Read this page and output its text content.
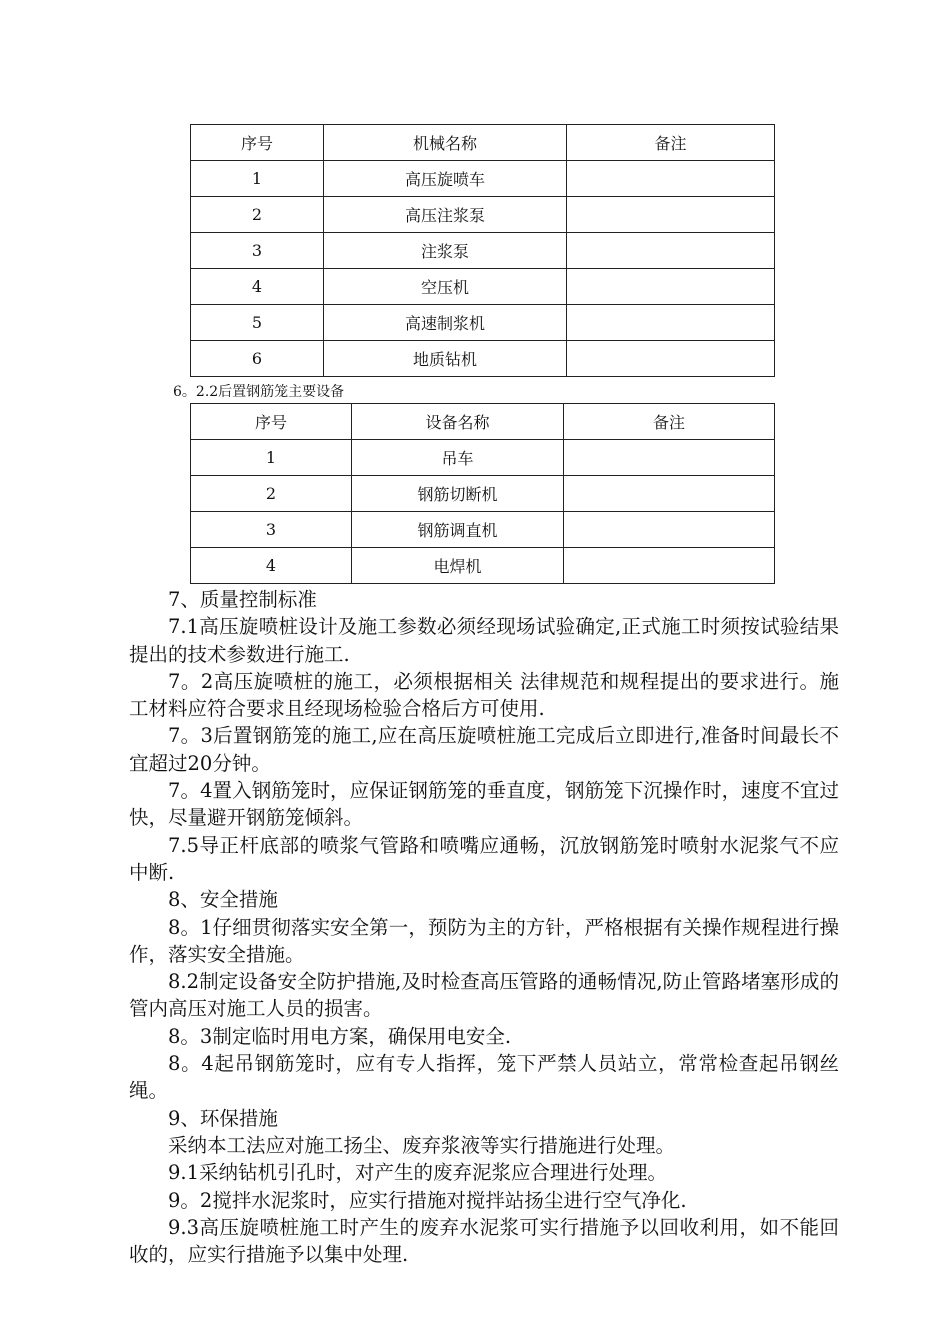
序号	机械名称	备注
1	高压旋喷车	
2	高压注浆泵	
3	注浆泵	
4	空压机	
5	高速制浆机	
6	地质钻机	
6。2.2后置钢筋笼主要设备
序号	设备名称	备注
1	吊车	
2	钢筋切断机	
3	钢筋调直机	
4	电焊机	

7、质量控制标准

7.1高压旋喷桩设计及施工参数必须经现场试验确定,正式施工时须按试验结果提出的技术参数进行施工.

7。2高压旋喷桩的施工，必须根据相关 法律规范和规程提出的要求进行。施工材料应符合要求且经现场检验合格后方可使用.

7。3后置钢筋笼的施工,应在高压旋喷桩施工完成后立即进行,准备时间最长不宜超过20分钟。

7。4置入钢筋笼时，应保证钢筋笼的垂直度，钢筋笼下沉操作时，速度不宜过快，尽量避开钢筋笼倾斜。

7.5导正杆底部的喷浆气管路和喷嘴应通畅，沉放钢筋笼时喷射水泥浆气不应中断.

8、安全措施

8。1仔细贯彻落实安全第一，预防为主的方针，严格根据有关操作规程进行操作，落实安全措施。

8.2制定设备安全防护措施,及时检查高压管路的通畅情况,防止管路堵塞形成的管内高压对施工人员的损害。

8。3制定临时用电方案，确保用电安全.

8。4起吊钢筋笼时，应有专人指挥，笼下严禁人员站立，常常检查起吊钢丝绳。

9、环保措施

采纳本工法应对施工扬尘、废弃浆液等实行措施进行处理。

9.1采纳钻机引孔时，对产生的废弃泥浆应合理进行处理。

9。2搅拌水泥浆时，应实行措施对搅拌站扬尘进行空气净化.

9.3高压旋喷桩施工时产生的废弃水泥浆可实行措施予以回收利用，如不能回收的，应实行措施予以集中处理.
